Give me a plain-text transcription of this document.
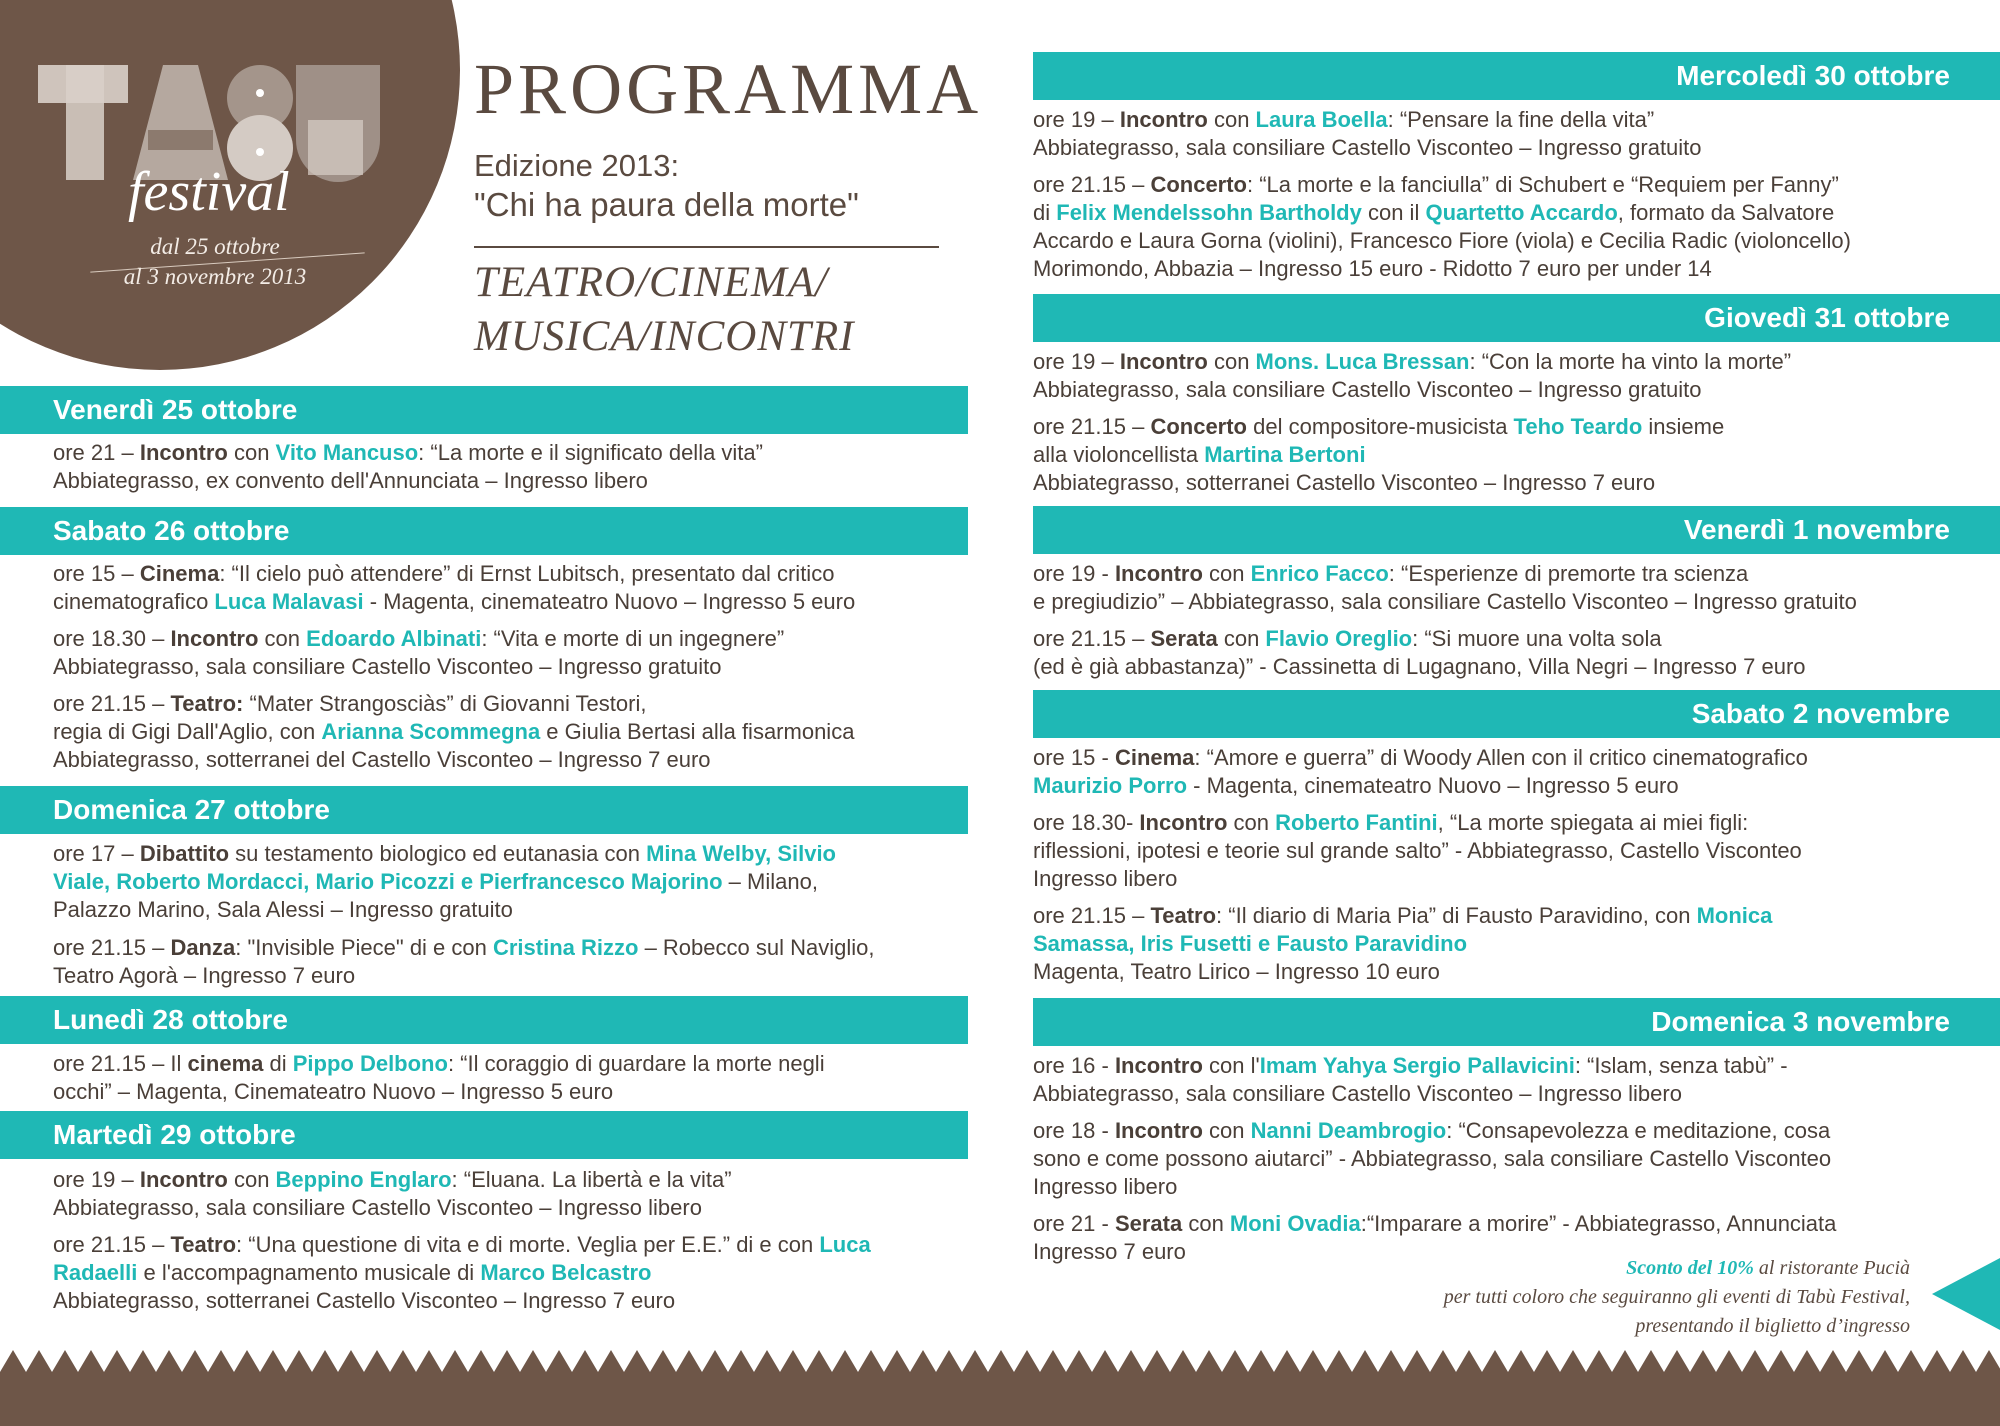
festival
dal 25 ottobre
al 3 novembre 2013
PROGRAMMA
Edizione 2013:
"Chi ha paura della morte"
TEATRO/CINEMA/
MUSICA/INCONTRI
Venerdì 25 ottobre
ore 21 – Incontro con Vito Mancuso: “La morte e il significato della vita”
Abbiategrasso, ex convento dell'Annunciata – Ingresso libero
Sabato 26 ottobre
ore 15 – Cinema: “Il cielo può attendere” di Ernst Lubitsch, presentato dal critico
cinematografico Luca Malavasi - Magenta, cinemateatro Nuovo – Ingresso 5 euro
ore 18.30 – Incontro con Edoardo Albinati: “Vita e morte di un ingegnere”
Abbiategrasso, sala consiliare Castello Visconteo – Ingresso gratuito
ore 21.15 – Teatro: “Mater Strangosciàs” di Giovanni Testori,
regia di Gigi Dall'Aglio, con Arianna Scommegna e Giulia Bertasi alla fisarmonica
Abbiategrasso, sotterranei del Castello Visconteo – Ingresso 7 euro
Domenica 27 ottobre
ore 17 – Dibattito su testamento biologico ed eutanasia con Mina Welby, Silvio
Viale, Roberto Mordacci, Mario Picozzi e Pierfrancesco Majorino – Milano,
Palazzo Marino, Sala Alessi – Ingresso gratuito
ore 21.15 – Danza: "Invisible Piece" di e con Cristina Rizzo – Robecco sul Naviglio,
Teatro Agorà – Ingresso 7 euro
Lunedì 28 ottobre
ore 21.15 – Il cinema di Pippo Delbono: “Il coraggio di guardare la morte negli
occhi” – Magenta, Cinemateatro Nuovo – Ingresso 5 euro
Martedì 29 ottobre
ore 19 – Incontro con Beppino Englaro: “Eluana. La libertà e la vita”
Abbiategrasso, sala consiliare Castello Visconteo – Ingresso libero
ore 21.15 – Teatro: “Una questione di vita e di morte. Veglia per E.E.” di e con Luca
Radaelli e l'accompagnamento musicale di Marco Belcastro
Abbiategrasso, sotterranei Castello Visconteo – Ingresso 7 euro
Mercoledì 30 ottobre
ore 19 – Incontro con Laura Boella: “Pensare la fine della vita”
Abbiategrasso, sala consiliare Castello Visconteo – Ingresso gratuito
ore 21.15 – Concerto: “La morte e la fanciulla” di Schubert e “Requiem per Fanny”
di Felix Mendelssohn Bartholdy con il Quartetto Accardo, formato da Salvatore
Accardo e Laura Gorna (violini), Francesco Fiore (viola) e Cecilia Radic (violoncello)
Morimondo, Abbazia – Ingresso 15 euro - Ridotto 7 euro per under 14
Giovedì 31 ottobre
ore 19 – Incontro con Mons. Luca Bressan: “Con la morte ha vinto la morte”
Abbiategrasso, sala consiliare Castello Visconteo – Ingresso gratuito
ore 21.15 – Concerto del compositore-musicista Teho Teardo insieme
alla violoncellista Martina Bertoni
Abbiategrasso, sotterranei Castello Visconteo – Ingresso 7 euro
Venerdì 1 novembre
ore 19 - Incontro con Enrico Facco: “Esperienze di premorte tra scienza
e pregiudizio” – Abbiategrasso, sala consiliare Castello Visconteo – Ingresso gratuito
ore 21.15 – Serata con Flavio Oreglio: “Si muore una volta sola
(ed è già abbastanza)” - Cassinetta di Lugagnano, Villa Negri – Ingresso 7 euro
Sabato 2 novembre
ore 15 - Cinema: “Amore e guerra” di Woody Allen con il critico cinematografico
Maurizio Porro - Magenta, cinemateatro Nuovo – Ingresso 5 euro
ore 18.30- Incontro con Roberto Fantini, “La morte spiegata ai miei figli:
riflessioni, ipotesi e teorie sul grande salto” - Abbiategrasso, Castello Visconteo
Ingresso libero
ore 21.15 – Teatro: “Il diario di Maria Pia” di Fausto Paravidino, con Monica
Samassa, Iris Fusetti e Fausto Paravidino
Magenta, Teatro Lirico – Ingresso 10 euro
Domenica 3 novembre
ore 16 - Incontro con l'Imam Yahya Sergio Pallavicini: “Islam, senza tabù” -
Abbiategrasso, sala consiliare Castello Visconteo – Ingresso libero
ore 18 - Incontro con Nanni Deambrogio: “Consapevolezza e meditazione, cosa
sono e come possono aiutarci” - Abbiategrasso, sala consiliare Castello Visconteo
Ingresso libero
ore 21 - Serata con Moni Ovadia:“Imparare a morire” - Abbiategrasso, Annunciata
Ingresso 7 euro
Sconto del 10% al ristorante Pucià
per tutti coloro che seguiranno gli eventi di Tabù Festival,
presentando il biglietto d’ingresso
